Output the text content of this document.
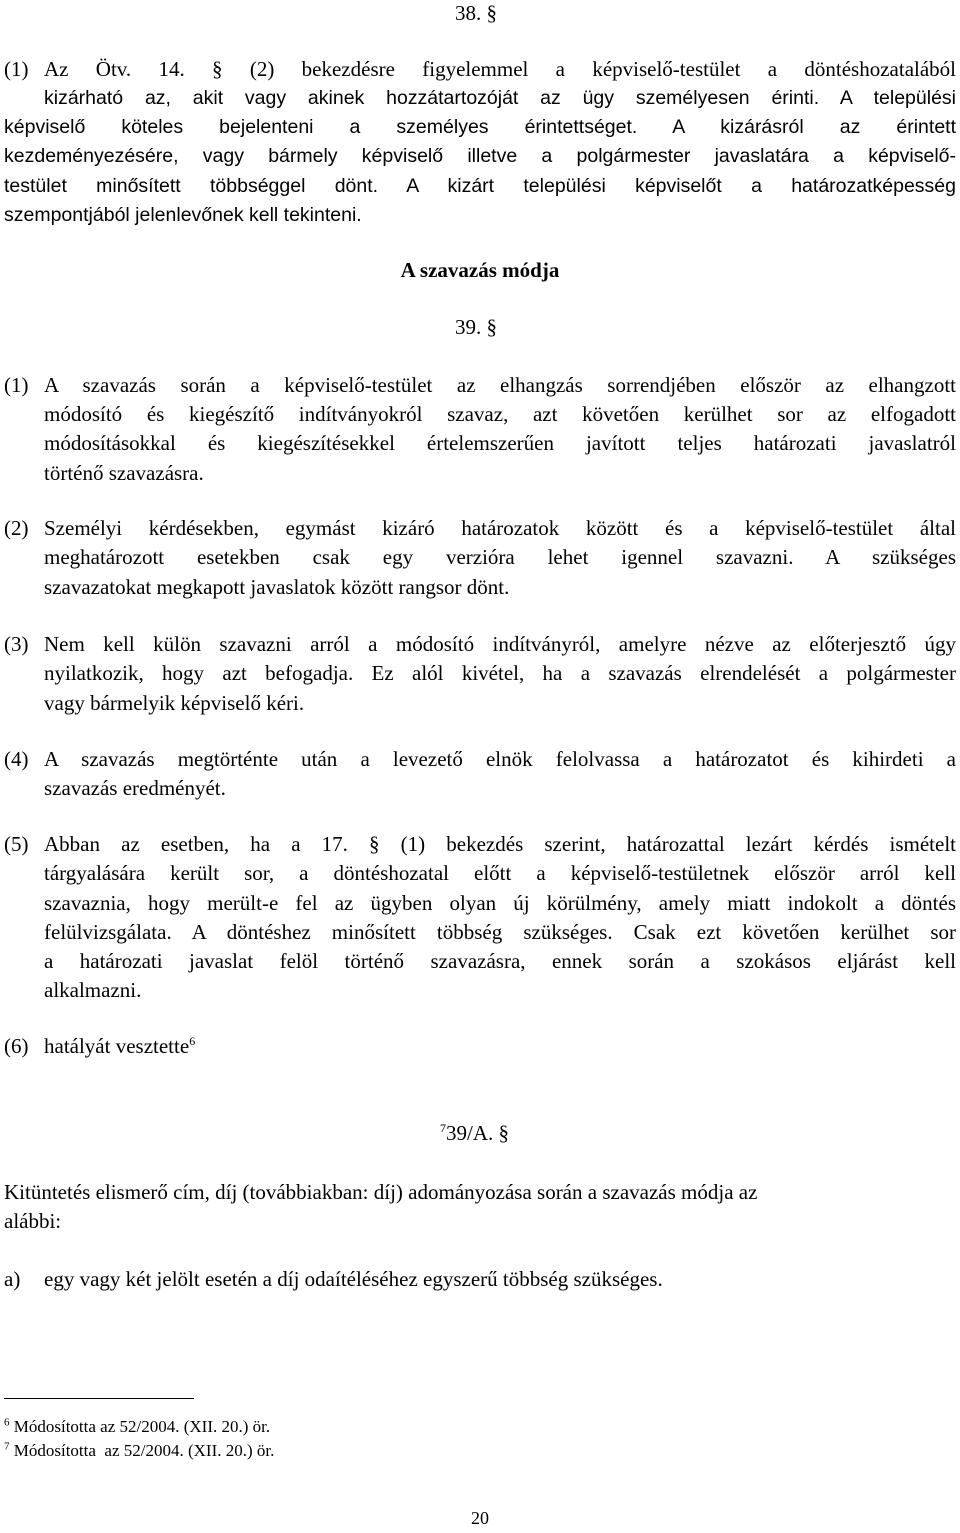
38. §
(1) Az Ötv. 14. § (2) bekezdésre figyelemmel a képviselő-testület a döntéshozatalából
kizárható az, akit vagy akinek hozzátartozóját az ügy személyesen érinti. A települési
képviselő köteles bejelenteni a személyes érintettséget. A kizárásról az érintett
kezdeményezésére, vagy bármely képviselő illetve a polgármester javaslatára a képviselő-
testület minősített többséggel dönt. A kizárt települési képviselőt a határozatképesség
szempontjából jelenlevőnek kell tekinteni.
A szavazás módja
39. §
(1) A szavazás során a képviselő-testület az elhangzás sorrendjében először az elhangzott
módosító és kiegészítő indítványokról szavaz, azt követően kerülhet sor az elfogadott
módosításokkal és kiegészítésekkel értelemszerűen javított teljes határozati javaslatról
történő szavazásra.
(2) Személyi kérdésekben, egymást kizáró határozatok között és a képviselő-testület által
meghatározott esetekben csak egy verzióra lehet igennel szavazni. A szükséges
szavazatokat megkapott javaslatok között rangsor dönt.
(3) Nem kell külön szavazni arról a módosító indítványról, amelyre nézve az előterjesztő úgy
nyilatkozik, hogy azt befogadja. Ez alól kivétel, ha a szavazás elrendelését a polgármester
vagy bármelyik képviselő kéri.
(4) A szavazás megtörténte után a levezető elnök felolvassa a határozatot és kihirdeti a
szavazás eredményét.
(5) Abban az esetben, ha a 17. § (1) bekezdés szerint, határozattal lezárt kérdés ismételt
tárgyalására került sor, a döntéshozatal előtt a képviselő-testületnek először arról kell
szavaznia, hogy merült-e fel az ügyben olyan új körülmény, amely miatt indokolt a döntés
felülvizsgálata. A döntéshez minősített többség szükséges. Csak ezt követően kerülhet sor
a határozati javaslat felöl történő szavazásra, ennek során a szokásos eljárást kell
alkalmazni.
(6) hatályát vesztette$^6$
$^7$39/A. §
Kitüntetés elismerő cím, díj (továbbiakban: díj) adományozása során a szavazás módja az
alábbi:
a) egy vagy két jelölt esetén a díj odaítéléséhez egyszerű többség szükséges.
$^6$ Módosította az 52/2004. (XII. 20.) ör.
$^7$ Módosította  az 52/2004. (XII. 20.) ör.
20
